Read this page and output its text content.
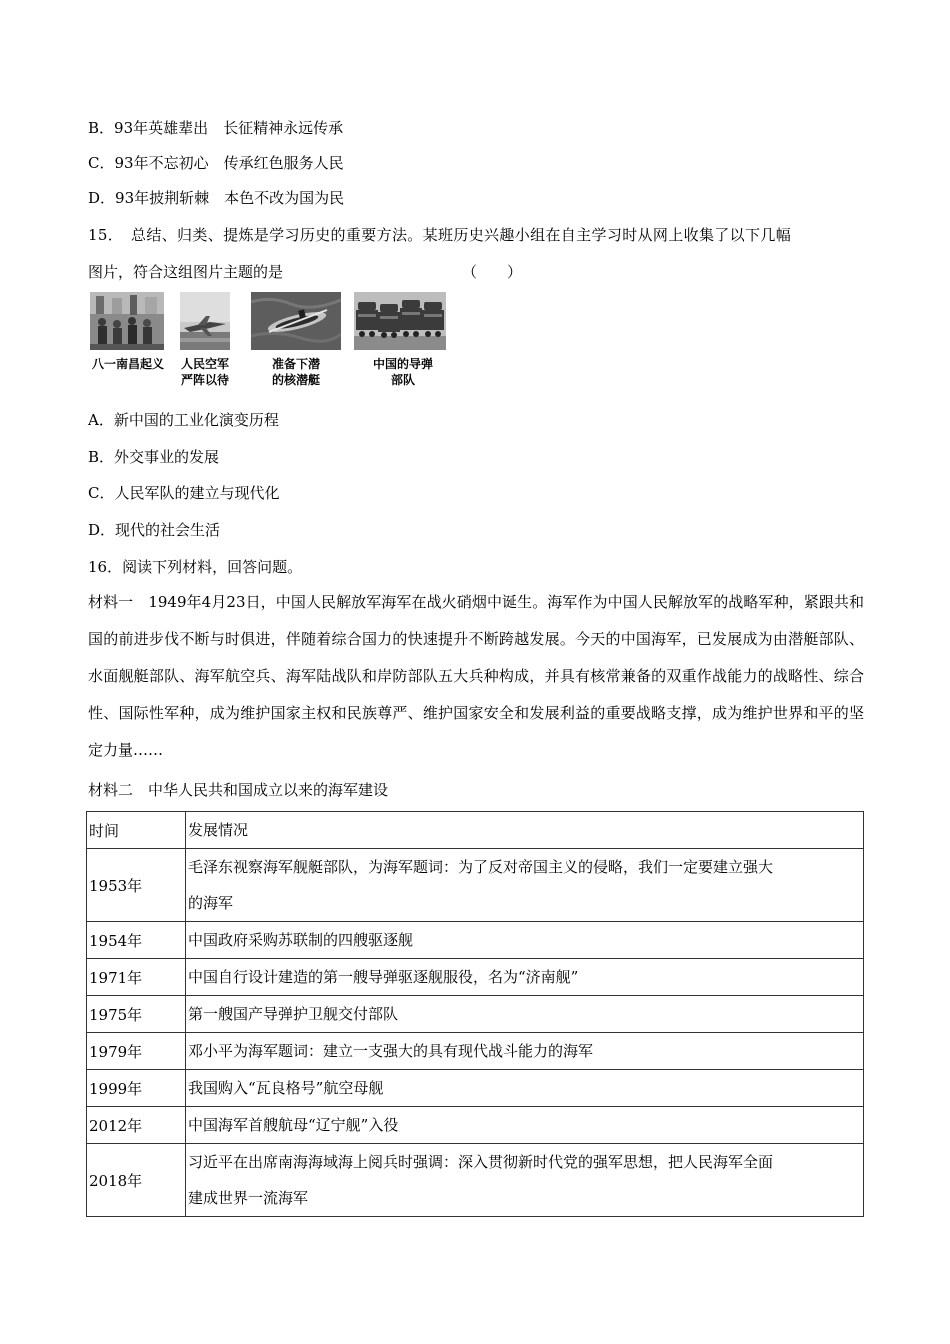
B．93年英雄辈出　长征精神永远传承
C．93年不忘初心　传承红色服务人民
D．93年披荆斩棘　本色不改为国为民
15．　总结、归类、提炼是学习历史的重要方法。某班历史兴趣小组在自主学习时从网上收集了以下几幅
图片，符合这组图片主题的是	（　　）
八一南昌起义	人民空军
严阵以待
准备下潜
的核潜艇
中国的导弹
部队
A．新中国的工业化演变历程
B．外交事业的发展
C．人民军队的建立与现代化
D．现代的社会生活
16．阅读下列材料，回答问题。
材料一　1949年4月23日，中国人民解放军海军在战火硝烟中诞生。海军作为中国人民解放军的战略军种，紧跟共和国的前进步伐不断与时俱进，伴随着综合国力的快速提升不断跨越发展。今天的中国海军，已发展成为由潜艇部队、水面舰艇部队、海军航空兵、海军陆战队和岸防部队五大兵种构成，并具有核常兼备的双重作战能力的战略性、综合性、国际性军种，成为维护国家主权和民族尊严、维护国家安全和发展利益的重要战略支撑，成为维护世界和平的坚定力量……
材料二　中华人民共和国成立以来的海军建设
时间	发展情况
1953年	毛泽东视察海军舰艇部队，为海军题词：为了反对帝国主义的侵略，我们一定要建立强大
的海军

1954年	中国政府采购苏联制的四艘驱逐舰

1971年	中国自行设计建造的第一艘导弹驱逐舰服役，名为“济南舰”

1975年	第一艘国产导弹护卫舰交付部队

1979年	邓小平为海军题词：建立一支强大的具有现代战斗能力的海军

1999年	我国购入“瓦良格号”航空母舰

2012年	中国海军首艘航母“辽宁舰”入役

2018年	习近平在出席南海海域海上阅兵时强调：深入贯彻新时代党的强军思想，把人民海军全面
建成世界一流海军
